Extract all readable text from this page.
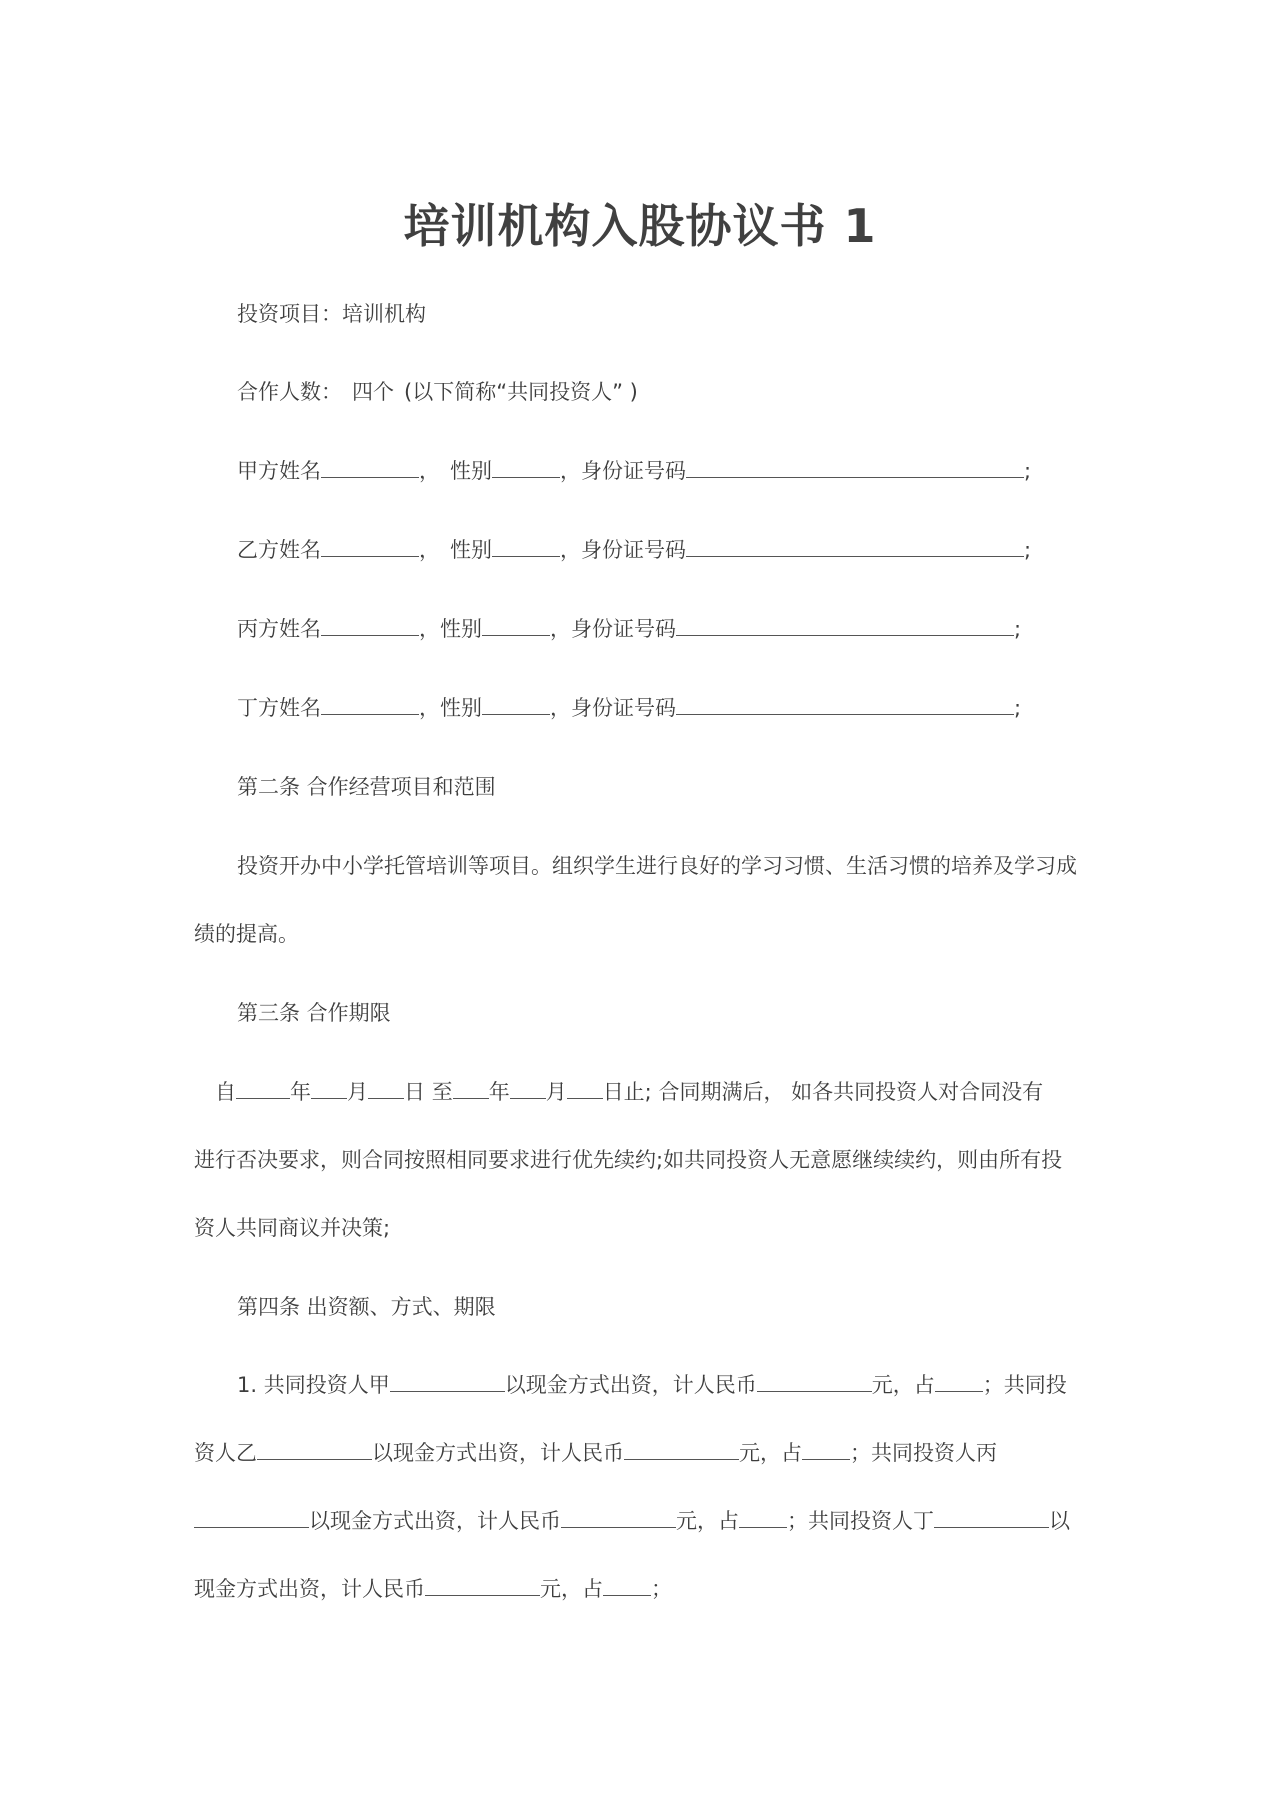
培训机构入股协议书 1
投资项目：培训机构
合作人数： 四个 (以下简称“共同投资人” )
甲方姓名	， 性别	，身份证号码	;
乙方姓名	， 性别	，身份证号码	;
丙方姓名	，性别	，身份证号码	;
丁方姓名	，性别	，身份证号码	;
第二条 合作经营项目和范围
投资开办中小学托管培训等项目。组织学生进行良好的学习习惯、生活习惯的培养及学习成
绩的提高。
第三条 合作期限
自	年 月 日 至 年 月 日止; 合同期满后， 如各共同投资人对合同没有
进行否决要求，则合同按照相同要求进行优先续约;如共同投资人无意愿继续续约，则由所有投
资人共同商议并决策;
第四条 出资额、方式、期限
1. 共同投资人甲	以现金方式出资，计人民币	元，占 ；共同投
资人乙	以现金方式出资，计人民币	元，占 ；共同投资人丙
以现金方式出资，计人民币	元，占 ；共同投资人丁	以
现金方式出资，计人民币	元，占 ；
